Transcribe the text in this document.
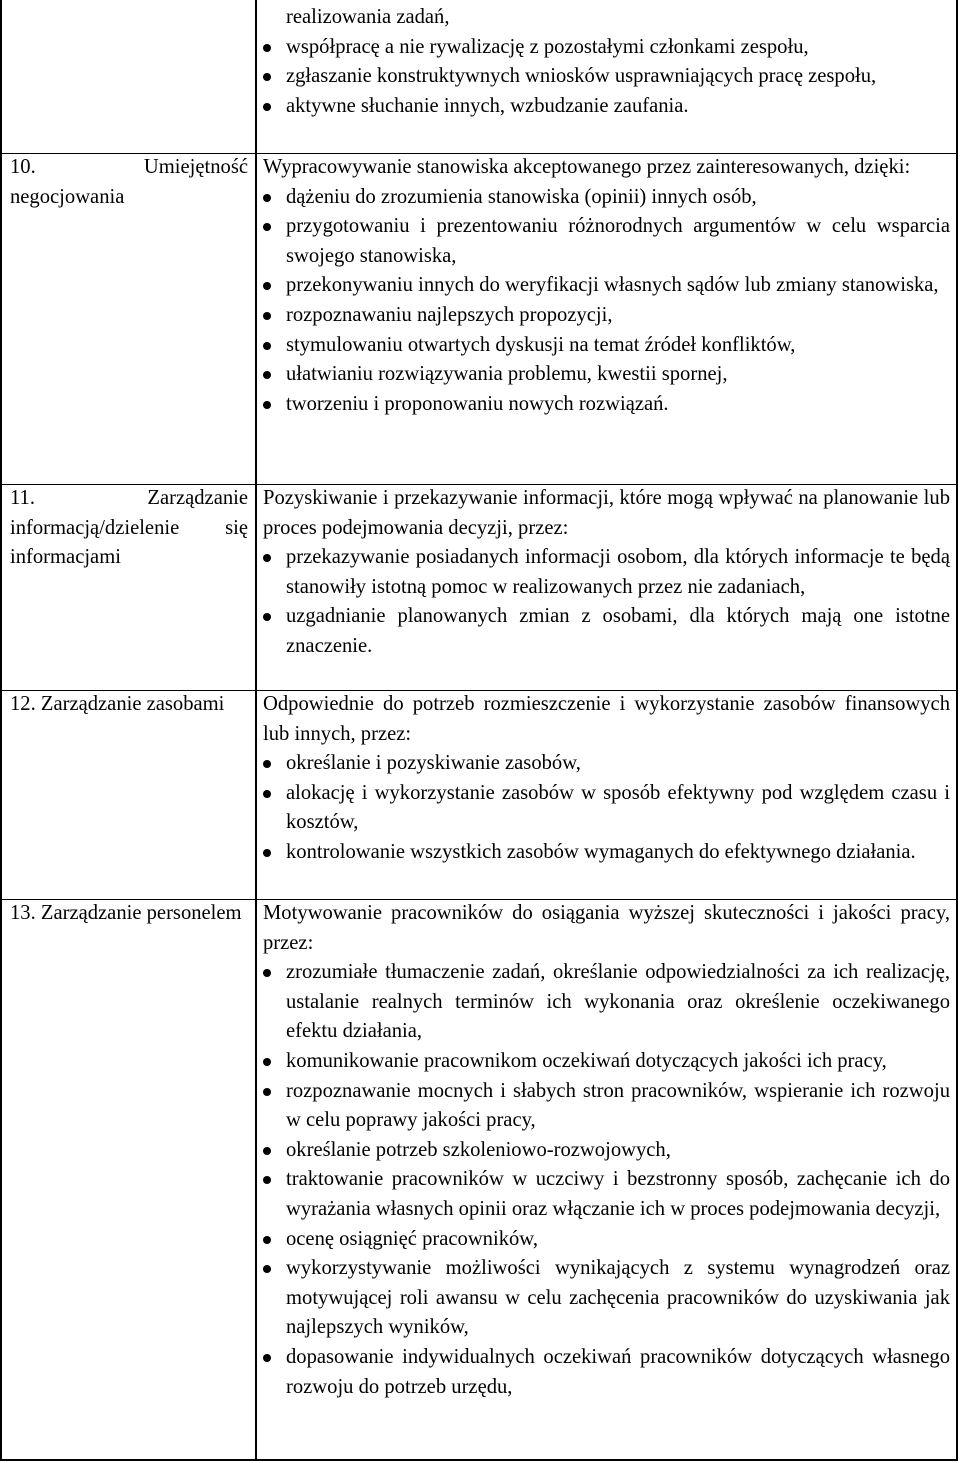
realizowania zadań,

współpracę a nie rywalizację z pozostałymi członkami zespołu,
zgłaszanie konstruktywnych wniosków usprawniających pracę zespołu,
aktywne słuchanie innych, wzbudzanie zaufania.
10. Umiejętność negocjowania

Wypracowywanie stanowiska akceptowanego przez zainteresowanych, dzięki:

dążeniu do zrozumienia stanowiska (opinii) innych osób,
przygotowaniu i prezentowaniu różnorodnych argumentów w celu wsparcia swojego stanowiska,
przekonywaniu innych do weryfikacji własnych sądów lub zmiany stanowiska,
rozpoznawaniu najlepszych propozycji,
stymulowaniu otwartych dyskusji na temat źródeł konfliktów,
ułatwianiu rozwiązywania problemu, kwestii spornej,
tworzeniu i proponowaniu nowych rozwiązań.
11. Zarządzanie informacją/dzielenie się informacjami

Pozyskiwanie i przekazywanie informacji, które mogą wpływać na planowanie lub proces podejmowania decyzji, przez:

przekazywanie posiadanych informacji osobom, dla których informacje te będą stanowiły istotną pomoc w realizowanych przez nie zadaniach,
uzgadnianie planowanych zmian z osobami, dla których mają one istotne znaczenie.
12. Zarządzanie zasobami	Odpowiednie do potrzeb rozmieszczenie i wykorzystanie zasobów finansowych lub innych, przez:

określanie i pozyskiwanie zasobów,
alokację i wykorzystanie zasobów w sposób efektywny pod względem czasu i kosztów,
kontrolowanie wszystkich zasobów wymaganych do efektywnego działania.
13. Zarządzanie personelem	Motywowanie pracowników do osiągania wyższej skuteczności i jakości pracy, przez:

zrozumiałe tłumaczenie zadań, określanie odpowiedzialności za ich realizację, ustalanie realnych terminów ich wykonania oraz określenie oczekiwanego efektu działania,
komunikowanie pracownikom oczekiwań dotyczących jakości ich pracy,
rozpoznawanie mocnych i słabych stron pracowników, wspieranie ich rozwoju w celu poprawy jakości pracy,
określanie potrzeb szkoleniowo-rozwojowych,
traktowanie pracowników w uczciwy i bezstronny sposób, zachęcanie ich do wyrażania własnych opinii oraz włączanie ich w proces podejmowania decyzji,
ocenę osiągnięć pracowników,
wykorzystywanie możliwości wynikających z systemu wynagrodzeń oraz motywującej roli awansu w celu zachęcenia pracowników do uzyskiwania jak najlepszych wyników,
dopasowanie indywidualnych oczekiwań pracowników dotyczących własnego rozwoju do potrzeb urzędu,
